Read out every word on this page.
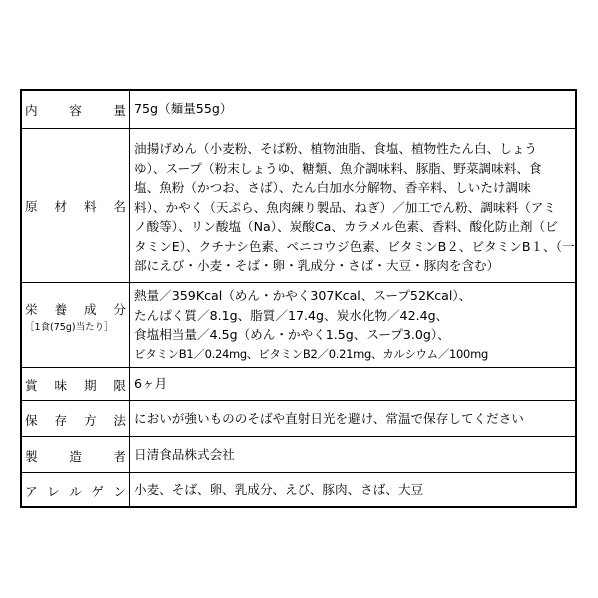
内	容	量 75g（麺量55g）
原 材 料 名
油揚げめん（小麦粉、そば粉、植物油脂、食塩、植物性たん白、しょう
ゆ）、スープ（粉末しょうゆ、糖類、魚介調味料、豚脂、野菜調味料、食
塩、魚粉（かつお、さば）、たん白加水分解物、香辛料、しいたけ調味
料）、かやく（天ぷら、魚肉練り製品、ねぎ）／加工でん粉、調味料（アミ
ノ酸等）、リン酸塩（Na）、炭酸Ca、カラメル色素、香料、酸化防止剤（ビ
タミンE）、クチナシ色素、ベニコウジ色素、ビタミンB２、ビタミンB１、（一
部にえび・小麦・そば・卵・乳成分・さば・大豆・豚肉を含む）
栄 養 成 分
［1食(75g)当たり］
熱量／359Kcal（めん・かやく307Kcal、スープ52Kcal）、
たんぱく質／8.1g、脂質／17.4g、炭水化物／42.4g、
食塩相当量／4.5g（めん・かやく1.5g、スープ3.0g）、
ビタミンB1／0.24mg、ビタミンB2／0.21mg、カルシウム／100mg
賞 味 期 限 6ヶ月
保 存 方 法 においが強いもののそばや直射日光を避け、常温で保存してください
製	造	者 日清食品株式会社
ア レ ル ゲ ン 小麦、そば、卵、乳成分、えび、豚肉、さば、大豆
